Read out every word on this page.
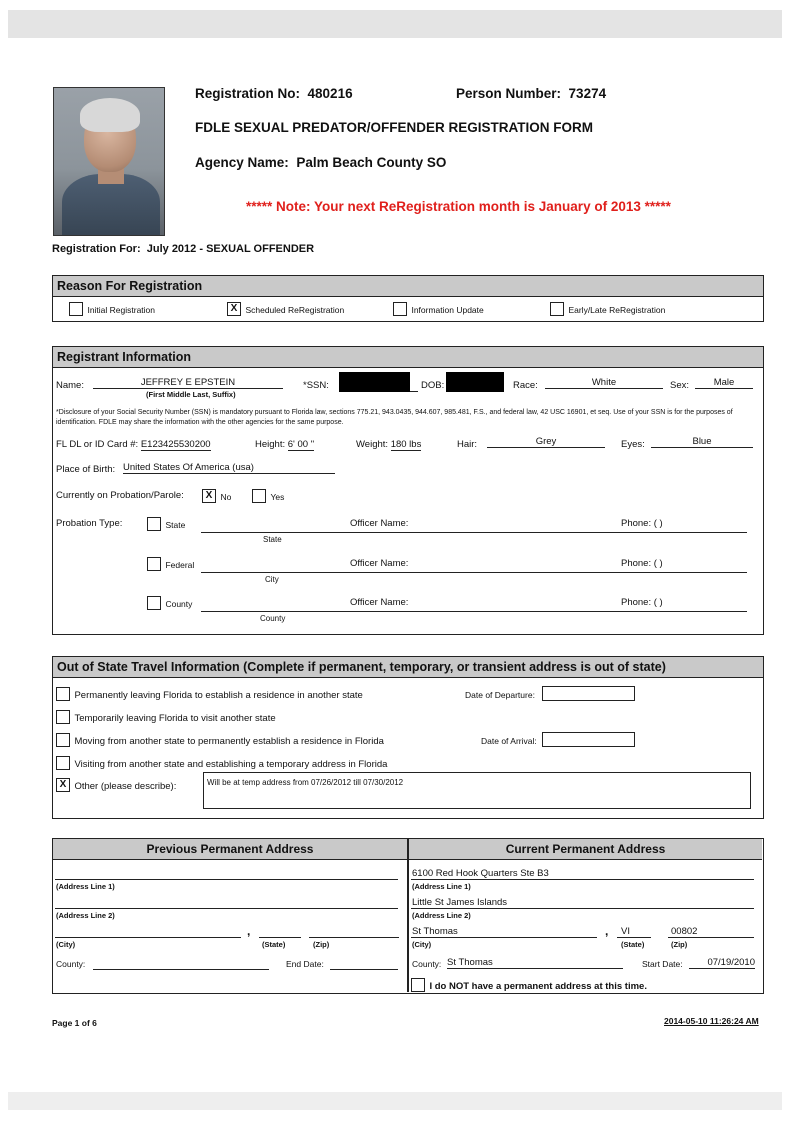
Registration No: 480216	Person Number: 73274
FDLE SEXUAL PREDATOR/OFFENDER REGISTRATION FORM
Agency Name: Palm Beach County SO
***** Note: Your next ReRegistration month is January of 2013 *****
Registration For: July 2012 - SEXUAL OFFENDER
Reason For Registration
Initial Registration	X Scheduled ReRegistration	Information Update	Early/Late ReRegistration
Registrant Information
Name:	JEFFREY E EPSTEIN
(First Middle Last, Suffix)
*SSN:	DOB:	Race:	White	Sex:	Male
*Disclosure of your Social Security Number (SSN) is mandatory pursuant to Florida law, sections 775.21, 943.0435, 944.607, 985.481, F.S., and federal law, 42 USC 16901, et seq. Use of your SSN is for the purposes of identification. FDLE may share the information with the other agencies for the same purpose.
FL DL or ID Card #: E123425530200	Height: 6' 00 "	Weight: 180 lbs	Hair:	Grey	Eyes:	Blue
Place of Birth: United States Of America (usa)
Currently on Probation/Parole:	X No	Yes
Probation Type:	State
State
Officer Name:	Phone: ( )
Federal
City
Officer Name:	Phone: ( )
County
County
Officer Name:	Phone: ( )
Out of State Travel Information (Complete if permanent, temporary, or transient address is out of state)
Permanently leaving Florida to establish a residence in another state
Temporarily leaving Florida to visit another state
Moving from another state to permanently establish a residence in Florida
Visiting from another state and establishing a temporary address in Florida
X Other (please describe):
Date of Departure:
Date of Arrival:
Will be at temp address from 07/26/2012 till 07/30/2012
Previous Permanent Address	Current Permanent Address
(Address Line 1)
(Address Line 2)
,
(City)	(State)	(Zip)
County:	End Date:
6100 Red Hook Quarters Ste B3
(Address Line 1)
Little St James Islands
(Address Line 2)
St Thomas	, VI	00802
(City)	(State)	(Zip)
County: St Thomas	Start Date:	07/19/2010
I do NOT have a permanent address at this time.
Page 1 of 6	2014-05-10 11:26:24 AM
